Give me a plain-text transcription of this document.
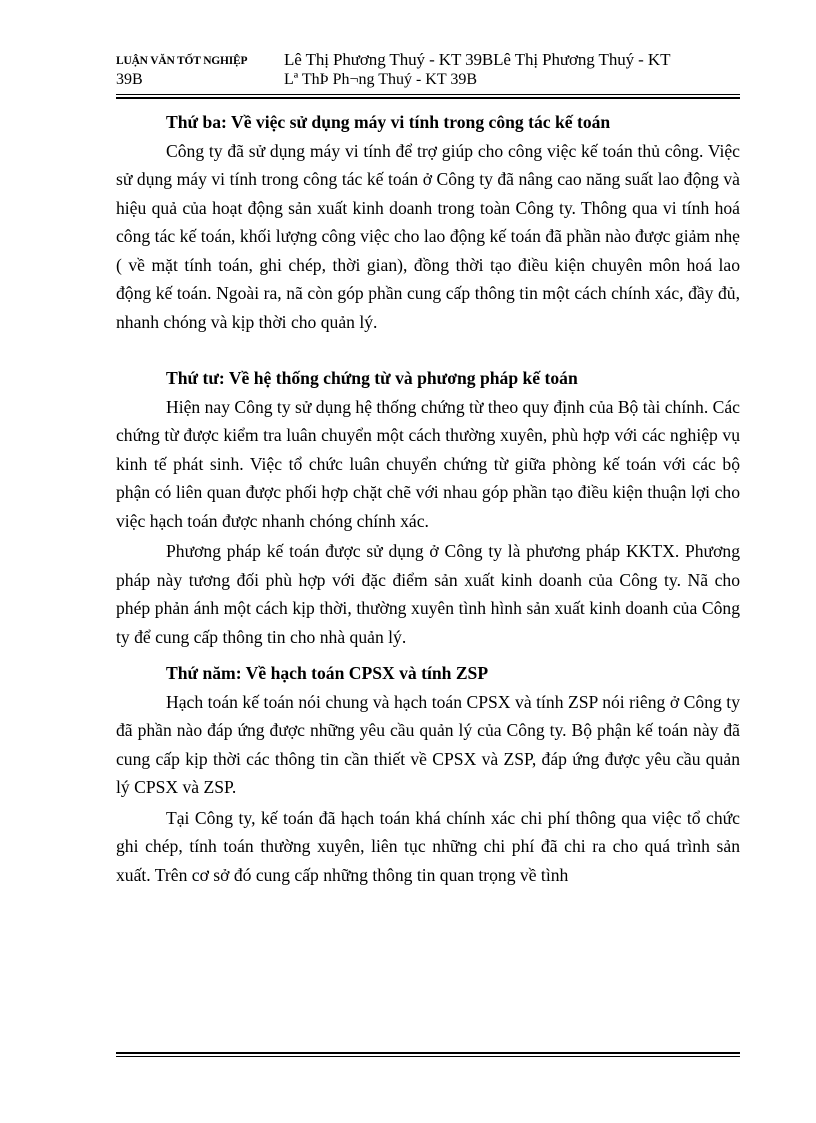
LUẬN VĂN TỐT NGHIỆP
39B
Lê Thị Phương Thuý - KT 39BLê Thị Phương Thuý - KT
Lª ThÞ Ph¬ng Thuý - KT 39B

Thứ ba: Về việc sử dụng máy vi tính trong công tác kế toán

Công ty đã sử dụng máy vi tính để trợ giúp cho công việc kế toán thủ công. Việc sử dụng máy vi tính trong công tác kế toán ở Công ty đã nâng cao năng suất lao động và hiệu quả của hoạt động sản xuất kinh doanh trong toàn Công ty. Thông qua vi tính hoá công tác kế toán, khối lượng công việc cho lao động kế toán đã phần nào được giảm nhẹ ( về mặt tính toán, ghi chép, thời gian), đồng thời tạo điều kiện chuyên môn hoá lao động kế toán. Ngoài ra, nã còn góp phần cung cấp thông tin một cách chính xác, đầy đủ, nhanh chóng và kịp thời cho quản lý.

Thứ tư: Về hệ thống chứng từ và phương pháp kế toán

Hiện nay Công ty sử dụng hệ thống chứng từ theo quy định của Bộ tài chính. Các chứng từ được kiểm tra luân chuyển một cách thường xuyên, phù hợp với các nghiệp vụ kinh tế phát sinh. Việc tổ chức luân chuyển chứng từ giữa phòng kế toán với các bộ phận có liên quan được phối hợp chặt chẽ với nhau góp phần tạo điều kiện thuận lợi cho việc hạch toán được nhanh chóng chính xác.

Phương pháp kế toán được sử dụng ở Công ty là phương pháp KKTX. Phương pháp này tương đối phù hợp với đặc điểm sản xuất kinh doanh của Công ty. Nã cho phép phản ánh một cách kịp thời, thường xuyên tình hình sản xuất kinh doanh của Công ty để cung cấp thông tin cho nhà quản lý.

Thứ năm: Về hạch toán CPSX và tính ZSP

Hạch toán kế toán nói chung và hạch toán CPSX và tính ZSP nói riêng ở Công ty đã phần nào đáp ứng được những yêu cầu quản lý của Công ty. Bộ phận kế toán này đã cung cấp kịp thời các thông tin cần thiết về CPSX và ZSP, đáp ứng được yêu cầu quản lý CPSX và ZSP.

Tại Công ty, kế toán đã hạch toán khá chính xác chi phí thông qua việc tổ chức ghi chép, tính toán thường xuyên, liên tục những chi phí đã chi ra cho quá trình sản xuất. Trên cơ sở đó cung cấp những thông tin quan trọng về tình
